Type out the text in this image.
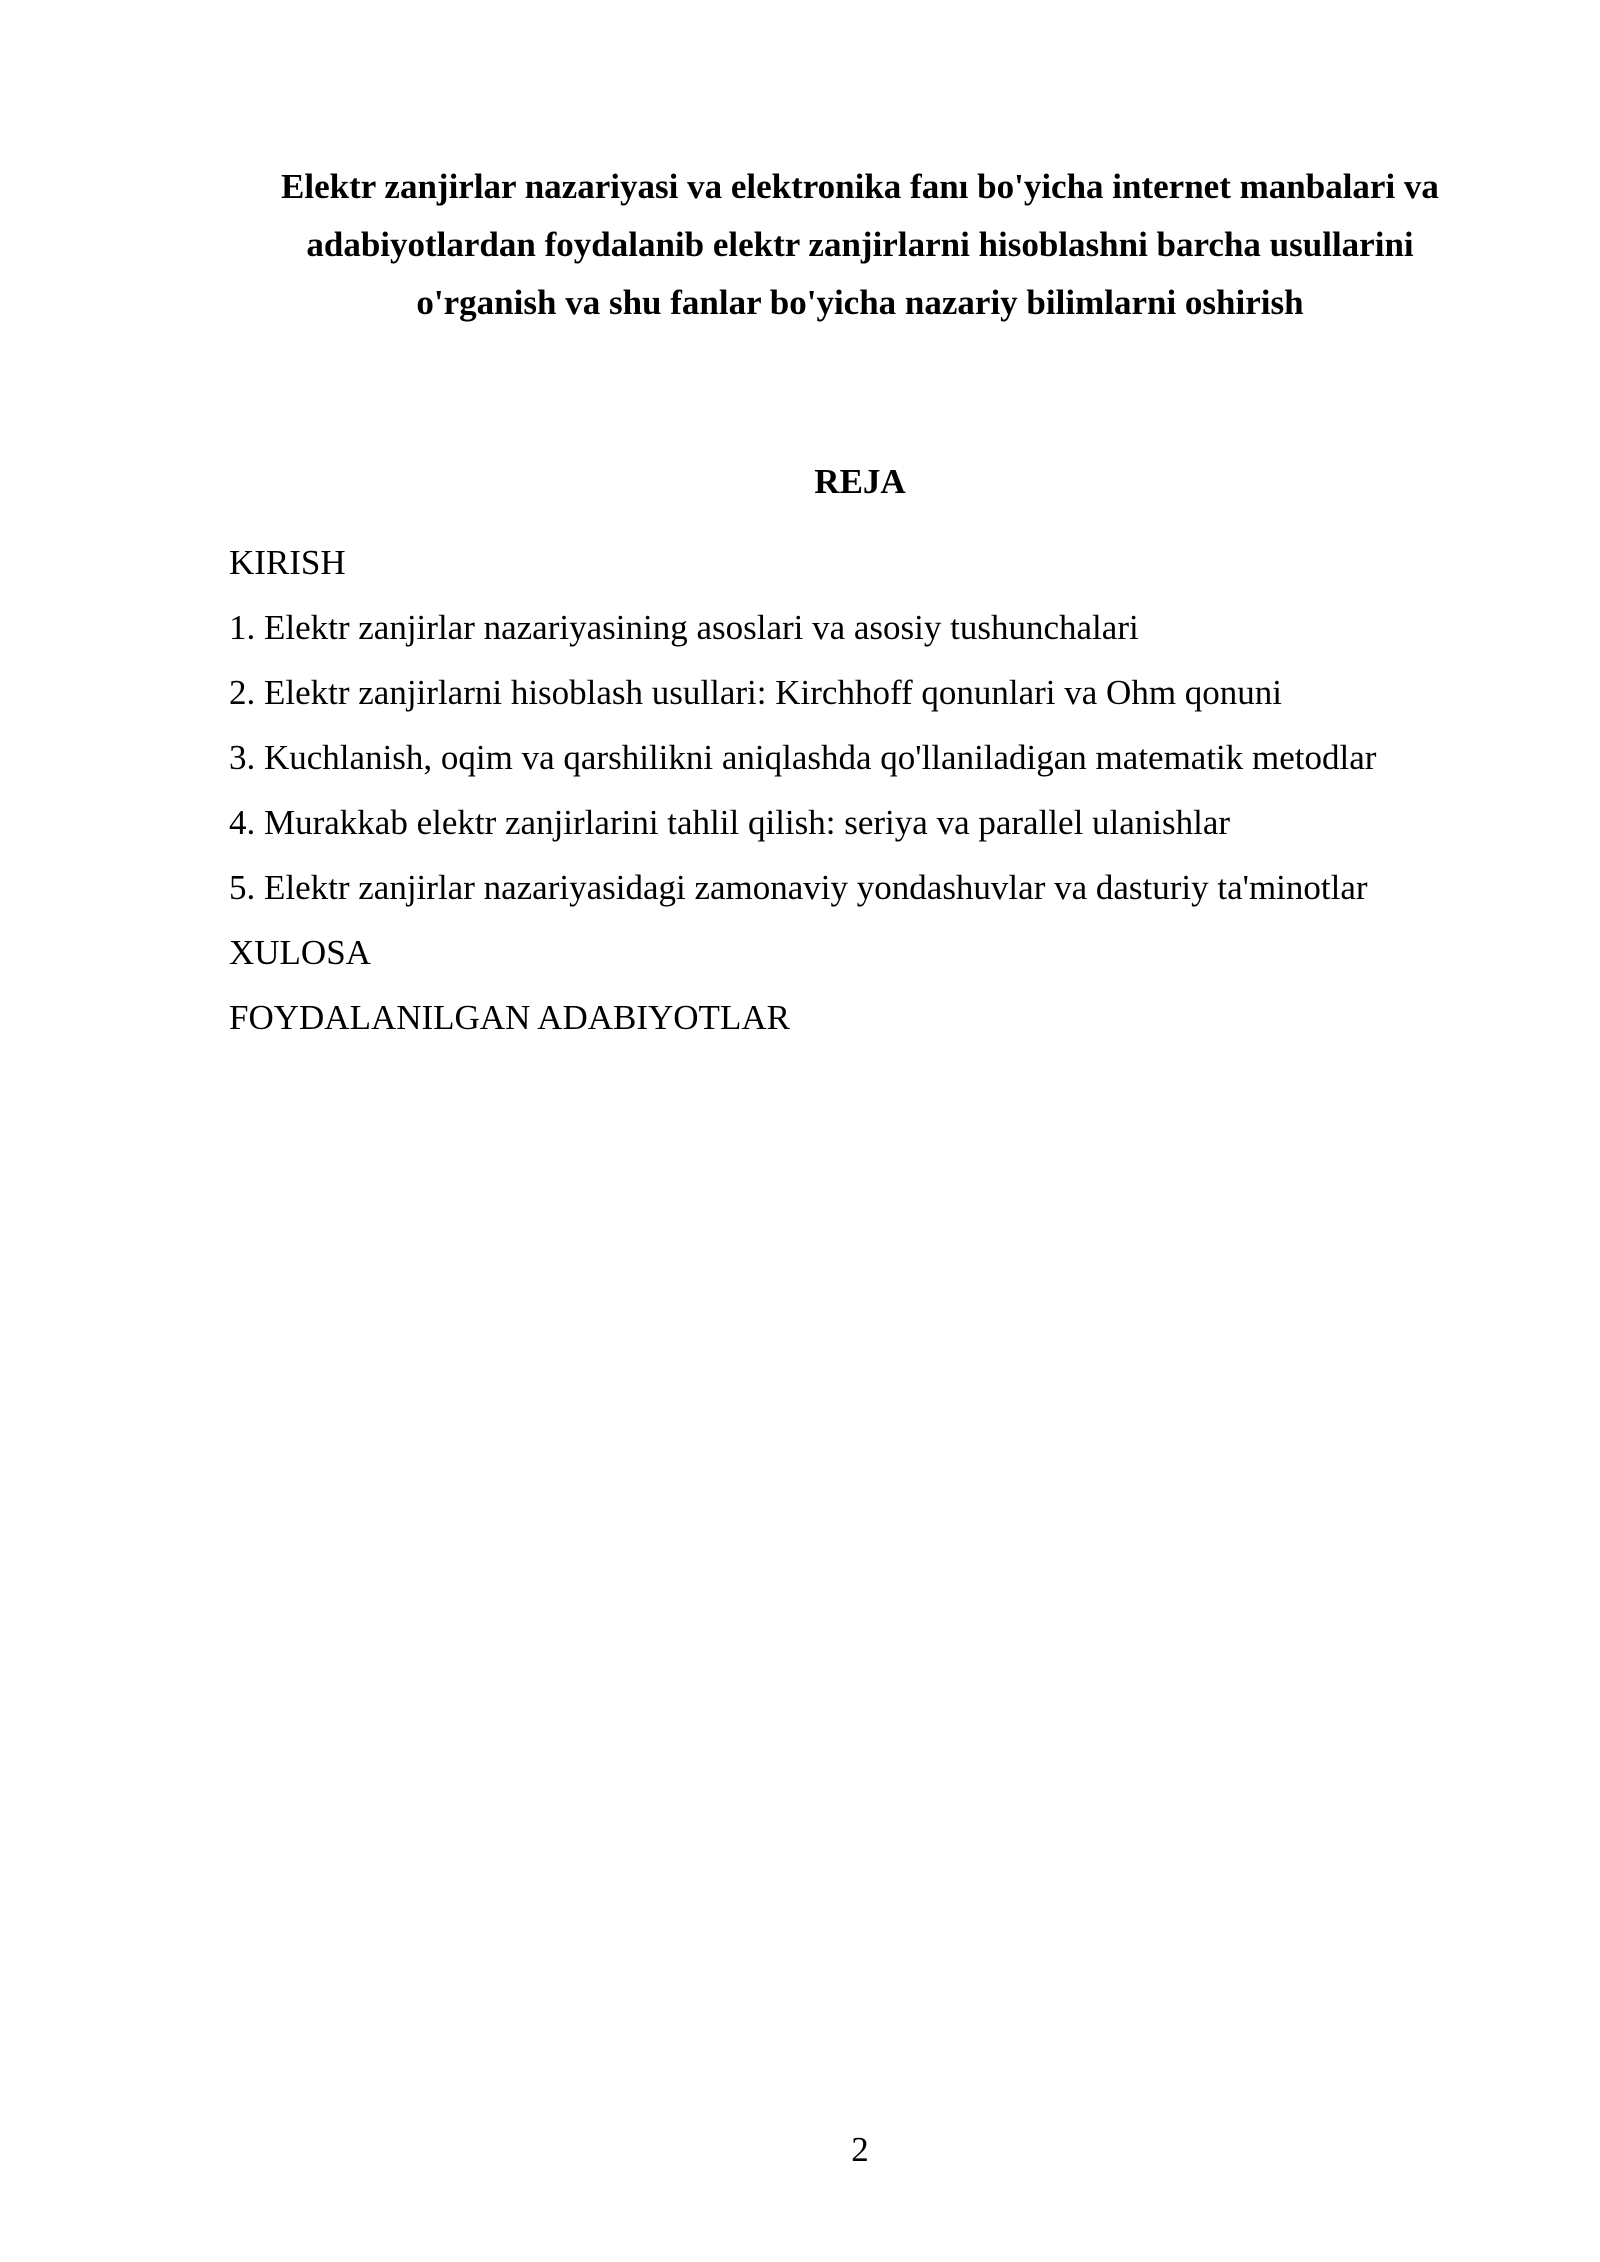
Elektr zanjirlar nazariyasi va elektronika fanı bo'yicha internet manbalari va
adabiyotlardan foydalanib elektr zanjirlarni hisoblashni barcha usullarini
o'rganish va shu fanlar bo'yicha nazariy bilimlarni oshirish
REJA
KIRISH
1. Elektr zanjirlar nazariyasining asoslari va asosiy tushunchalari
2. Elektr zanjirlarni hisoblash usullari: Kirchhoff qonunlari va Ohm qonuni
3. Kuchlanish, oqim va qarshilikni aniqlashda qo'llaniladigan matematik metodlar
4. Murakkab elektr zanjirlarini tahlil qilish: seriya va parallel ulanishlar
5. Elektr zanjirlar nazariyasidagi zamonaviy yondashuvlar va dasturiy ta'minotlar
XULOSA
FOYDALANILGAN ADABIYOTLAR
2
